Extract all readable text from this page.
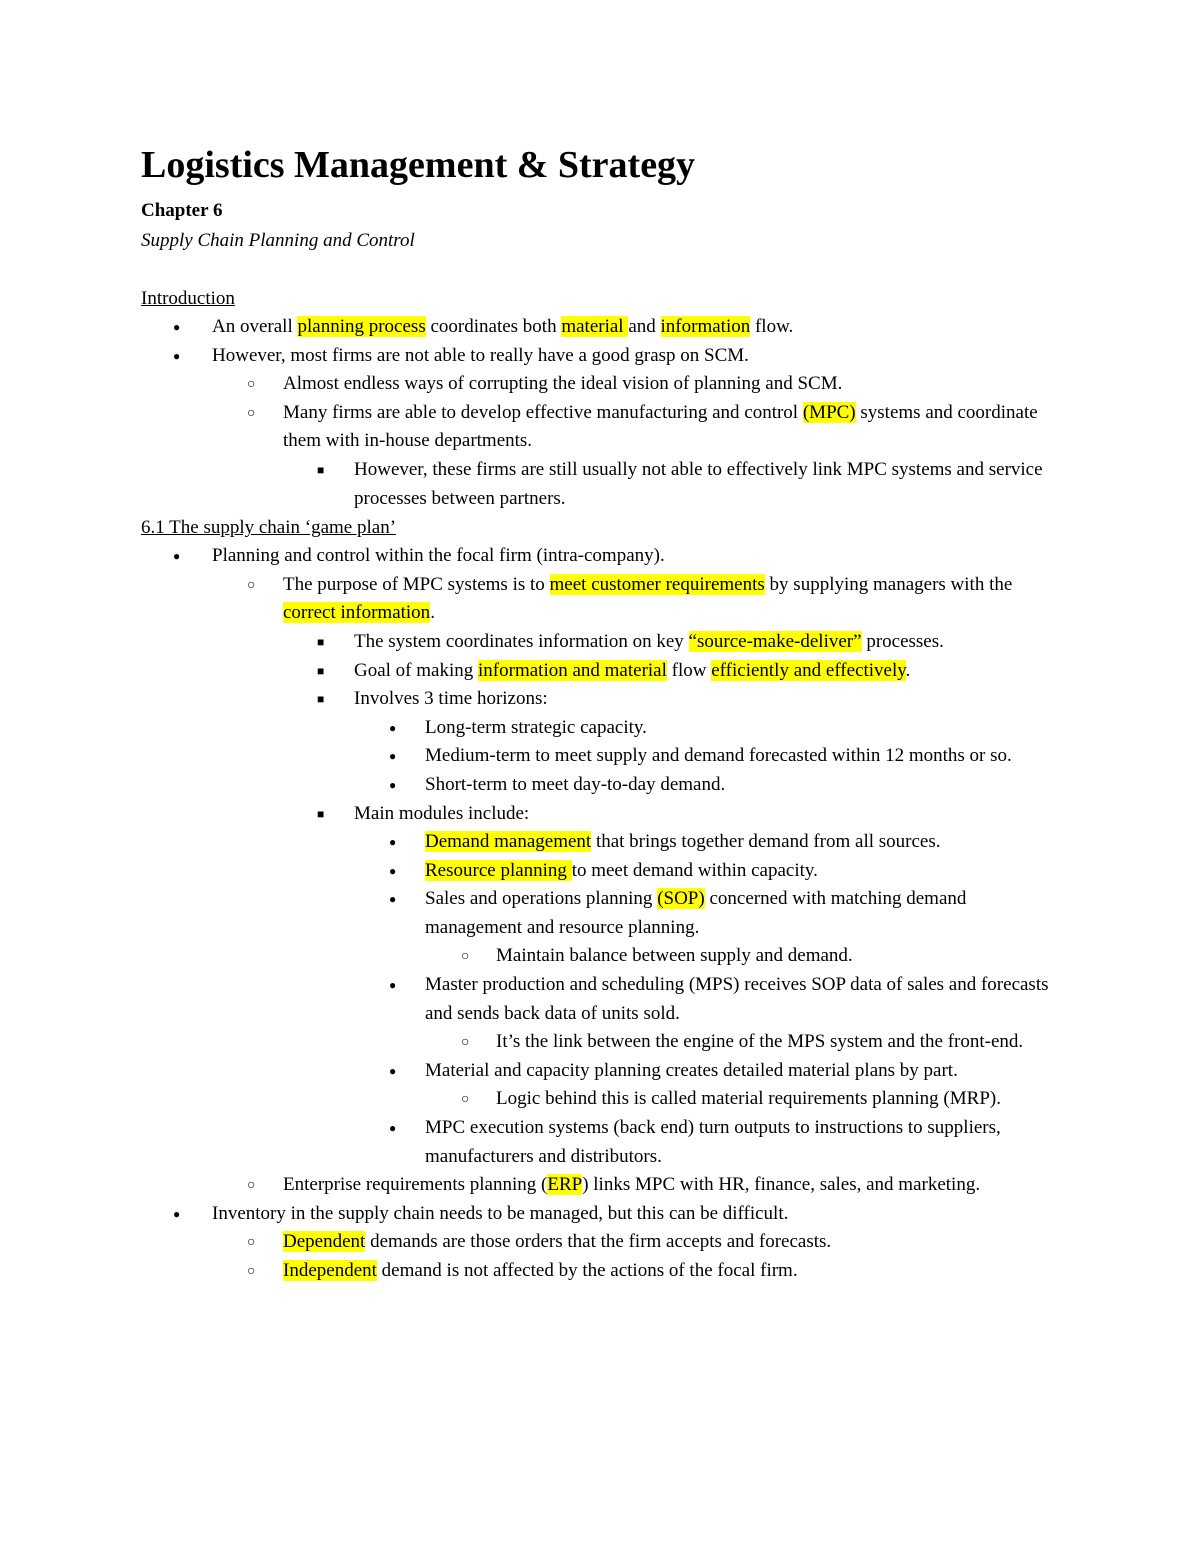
Logistics Management & Strategy
Chapter 6
Supply Chain Planning and Control
Introduction
●
An overall planning process coordinates both material and information flow.
●
However, most firms are not able to really have a good grasp on SCM.
○
Almost endless ways of corrupting the ideal vision of planning and SCM.
○
Many firms are able to develop effective manufacturing and control (MPC) systems and coordinate them with in-house departments.
■
However, these firms are still usually not able to effectively link MPC systems and service processes between partners.
6.1 The supply chain ‘game plan’
●
Planning and control within the focal firm (intra-company).
○
The purpose of MPC systems is to meet customer requirements by supplying managers with the correct information.
■
The system coordinates information on key “source-make-deliver” processes.
■
Goal of making information and material flow efficiently and effectively.
■
Involves 3 time horizons:
●
Long-term strategic capacity.
●
Medium-term to meet supply and demand forecasted within 12 months or so.
●
Short-term to meet day-to-day demand.
■
Main modules include:
●
Demand management that brings together demand from all sources.
●
Resource planning to meet demand within capacity.
●
Sales and operations planning (SOP) concerned with matching demand management and resource planning.
○
Maintain balance between supply and demand.
●
Master production and scheduling (MPS) receives SOP data of sales and forecasts and sends back data of units sold.
○
It’s the link between the engine of the MPS system and the front-end.
●
Material and capacity planning creates detailed material plans by part.
○
Logic behind this is called material requirements planning (MRP).
●
MPC execution systems (back end) turn outputs to instructions to suppliers, manufacturers and distributors.
○
Enterprise requirements planning (ERP) links MPC with HR, finance, sales, and marketing.
●
Inventory in the supply chain needs to be managed, but this can be difficult.
○
Dependent demands are those orders that the firm accepts and forecasts.
○
Independent demand is not affected by the actions of the focal firm.
